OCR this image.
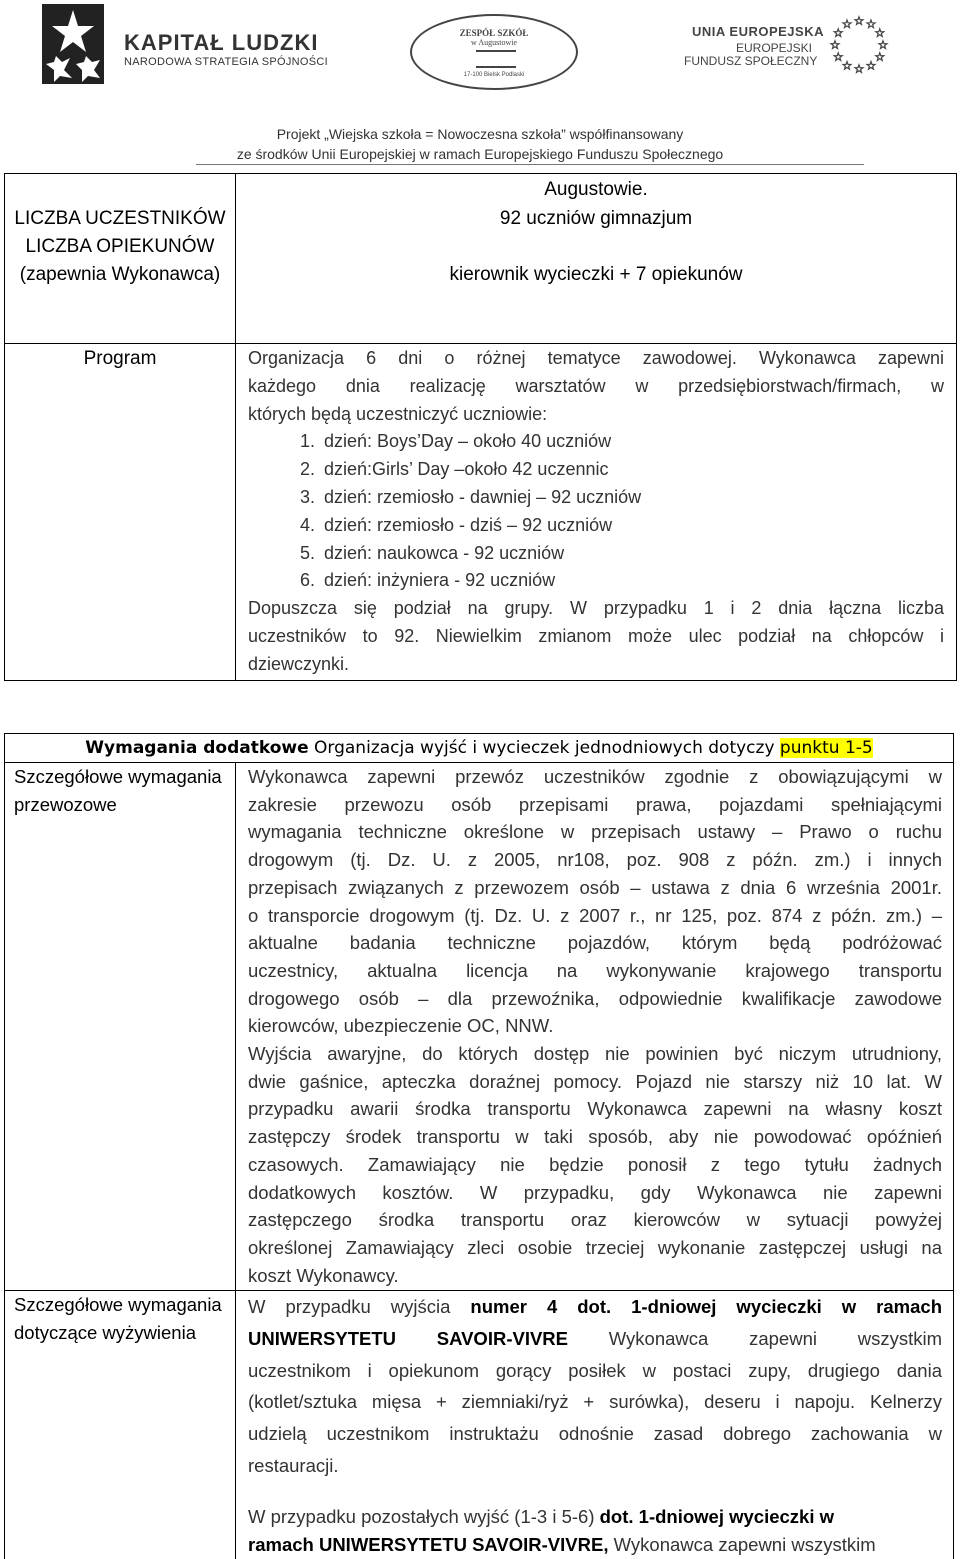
KAPITAŁ LUDZKI
NARODOWA STRATEGIA SPÓJNOŚCI
ZESPÓŁ SZKÓŁ
w Augustowie
17-100 Bielsk Podlaski
UNIA EUROPEJSKA
EUROPEJSKI
FUNDUSZ SPOŁECZNY
Projekt „Wiejska szkoła = Nowoczesna szkoła” współfinansowany
ze środków Unii Europejskiej w ramach Europejskiego Funduszu Społecznego
LICZBA UCZESTNIKÓW LICZBA OPIEKUNÓW (zapewnia Wykonawca)
Augustowie.
92 uczniów gimnazjum
kierownik wycieczki + 7 opiekunów
Program	Organizacja 6 dni o różnej tematyce zawodowej. Wykonawca zapewni
każdego dnia realizację warsztatów w przedsiębiorstwach/firmach, w
których będą uczestniczyć uczniowie:
1. dzień: Boys’Day – około 40 uczniów
2. dzień:Girls’ Day –około 42 uczennic
3. dzień: rzemiosło - dawniej – 92 uczniów
4. dzień: rzemiosło - dziś – 92 uczniów
5. dzień: naukowca - 92 uczniów
6. dzień: inżyniera - 92 uczniów
Dopuszcza się podział na grupy. W przypadku 1 i 2 dnia łączna liczba
uczestników to 92. Niewielkim zmianom może ulec podział na chłopców i
dziewczynki.
Wymagania dodatkowe Organizacja wyjść i wycieczek jednodniowych dotyczy punktu 1-5
Szczegółowe wymagania przewozowe
Wykonawca zapewni przewóz uczestników zgodnie z obowiązującymi w
zakresie przewozu osób przepisami prawa, pojazdami spełniającymi
wymagania techniczne określone w przepisach ustawy – Prawo o ruchu
drogowym (tj. Dz. U. z 2005, nr108, poz. 908 z późn. zm.) i innych
przepisach związanych z przewozem osób – ustawa z dnia 6 września 2001r.
o transporcie drogowym (tj. Dz. U. z 2007 r., nr 125, poz. 874 z późn. zm.) –
aktualne badania techniczne pojazdów, którym będą podróżować
uczestnicy, aktualna licencja na wykonywanie krajowego transportu
drogowego osób – dla przewoźnika, odpowiednie kwalifikacje zawodowe
kierowców, ubezpieczenie OC, NNW.
Wyjścia awaryjne, do których dostęp nie powinien być niczym utrudniony,
dwie gaśnice, apteczka doraźnej pomocy. Pojazd nie starszy niż 10 lat. W
przypadku awarii środka transportu Wykonawca zapewni na własny koszt
zastępczy środek transportu w taki sposób, aby nie powodować opóźnień
czasowych. Zamawiający nie będzie ponosił z tego tytułu żadnych
dodatkowych kosztów. W przypadku, gdy Wykonawca nie zapewni
zastępczego środka transportu oraz kierowców w sytuacji powyżej
określonej Zamawiający zleci osobie trzeciej wykonanie zastępczej usługi na
koszt Wykonawcy.
Szczegółowe wymagania dotyczące wyżywienia
W przypadku wyjścia numer 4 dot. 1-dniowej wycieczki w ramach
UNIWERSYTETU SAVOIR-VIVRE Wykonawca zapewni wszystkim
uczestnikom i opiekunom gorący posiłek w postaci zupy, drugiego dania
(kotlet/sztuka mięsa + ziemniaki/ryż + surówka), deseru i napoju. Kelnerzy
udzielą uczestnikom instruktażu odnośnie zasad dobrego zachowania w
restauracji.
W przypadku pozostałych wyjść (1-3 i 5-6) dot. 1-dniowej wycieczki w
ramach UNIWERSYTETU SAVOIR-VIVRE, Wykonawca zapewni wszystkim
